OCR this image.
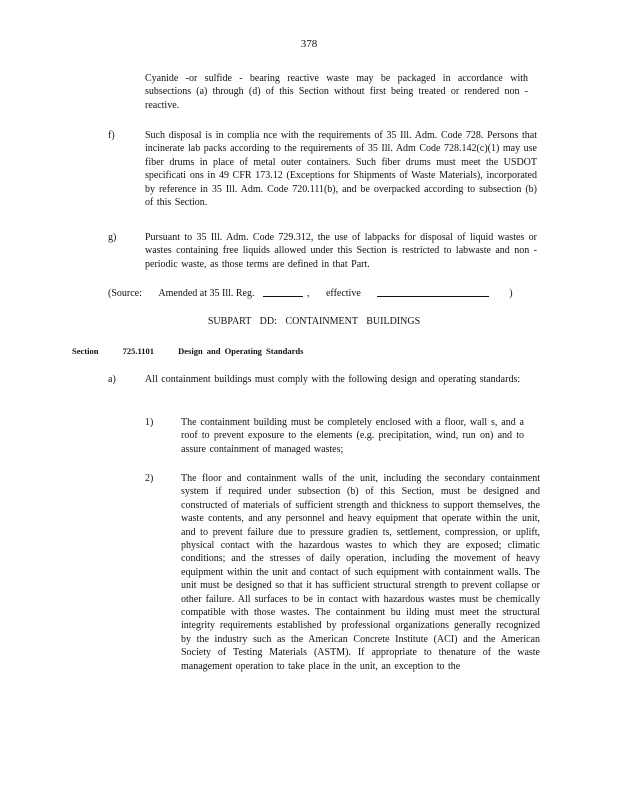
378
Cyanide -or sulfide - bearing reactive waste may be packaged in accordance with subsections (a) through (d) of this Section without first being treated or rendered non -reactive.
f)	Such disposal is in complia nce with the requirements of 35 Ill. Adm. Code 728. Persons that incinerate lab packs according to the requirements of 35 Ill. Adm Code 728.142(c)(1) may use fiber drums in place of metal outer containers. Such fiber drums must meet the USDOT specificati ons in 49 CFR 173.12 (Exceptions for Shipments of Waste Materials), incorporated by reference in 35 Ill. Adm. Code 720.111(b), and be overpacked according to subsection (b) of this Section.
g)	Pursuant to 35 Ill. Adm. Code 729.312, the use of labpacks for disposal of liquid wastes or wastes containing free liquids allowed under this Section is restricted to labwaste and non -periodic waste, as those terms are defined in that Part.
(Source: Amended at 35 Ill. Reg.	, effective	)
SUBPART DD: CONTAINMENT BUILDINGS
Section	725.1101	Design and Operating Standards
a)	All containment buildings must comply with the following design and operating standards:
1)	The containment building must be completely enclosed with a floor, wall s, and a roof to prevent exposure to the elements (e.g. precipitation, wind, run on) and to assure containment of managed wastes;
2)	The floor and containment walls of the unit, including the secondary containment system if required under subsection (b) of this Section, must be designed and constructed of materials of sufficient strength and thickness to support themselves, the waste contents, and any personnel and heavy equipment that operate within the unit, and to prevent failure due to pressure gradien ts, settlement, compression, or uplift, physical contact with the hazardous wastes to which they are exposed; climatic conditions; and the stresses of daily operation, including the movement of heavy equipment within the unit and contact of such equipment with containment walls. The unit must be designed so that it has sufficient structural strength to prevent collapse or other failure. All surfaces to be in contact with hazardous wastes must be chemically compatible with those wastes. The containment bu ilding must meet the structural integrity requirements established by professional organizations generally recognized by the industry such as the American Concrete Institute (ACI) and the American Society of Testing Materials (ASTM). If appropriate to thenature of the waste management operation to take place in the unit, an exception to the
